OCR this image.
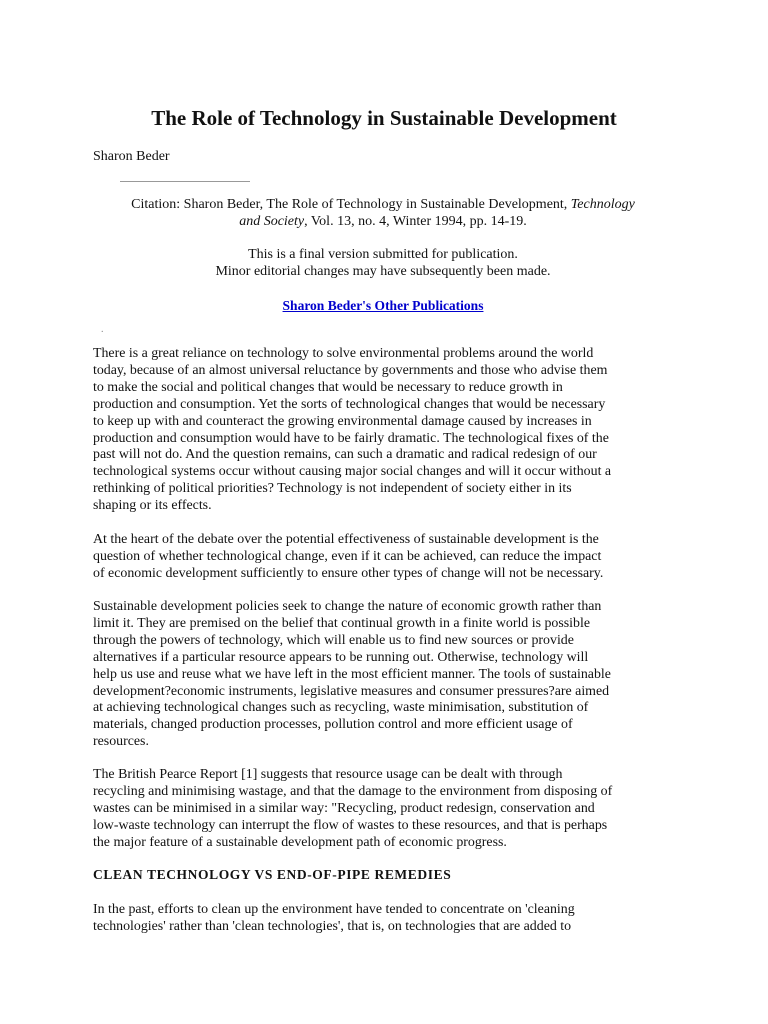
The Role of Technology in Sustainable Development
Sharon Beder
Citation: Sharon Beder, The Role of Technology in Sustainable Development, Technology
and Society, Vol. 13, no. 4, Winter 1994, pp. 14-19.
This is a final version submitted for publication.
Minor editorial changes may have subsequently been made.
Sharon Beder's Other Publications
.

There is a great reliance on technology to solve environmental problems around the world
today, because of an almost universal reluctance by governments and those who advise them
to make the social and political changes that would be necessary to reduce growth in
production and consumption. Yet the sorts of technological changes that would be necessary
to keep up with and counteract the growing environmental damage caused by increases in
production and consumption would have to be fairly dramatic. The technological fixes of the
past will not do. And the question remains, can such a dramatic and radical redesign of our
technological systems occur without causing major social changes and will it occur without a
rethinking of political priorities? Technology is not independent of society either in its
shaping or its effects.

At the heart of the debate over the potential effectiveness of sustainable development is the
question of whether technological change, even if it can be achieved, can reduce the impact
of economic development sufficiently to ensure other types of change will not be necessary.

Sustainable development policies seek to change the nature of economic growth rather than
limit it. They are premised on the belief that continual growth in a finite world is possible
through the powers of technology, which will enable us to find new sources or provide
alternatives if a particular resource appears to be running out. Otherwise, technology will
help us use and reuse what we have left in the most efficient manner. The tools of sustainable
development?economic instruments, legislative measures and consumer pressures?are aimed
at achieving technological changes such as recycling, waste minimisation, substitution of
materials, changed production processes, pollution control and more efficient usage of
resources.

The British Pearce Report [1] suggests that resource usage can be dealt with through
recycling and minimising wastage, and that the damage to the environment from disposing of
wastes can be minimised in a similar way: "Recycling, product redesign, conservation and
low-waste technology can interrupt the flow of wastes to these resources, and that is perhaps
the major feature of a sustainable development path of economic progress.

CLEAN TECHNOLOGY VS END-OF-PIPE REMEDIES

In the past, efforts to clean up the environment have tended to concentrate on 'cleaning
technologies' rather than 'clean technologies', that is, on technologies that are added to
